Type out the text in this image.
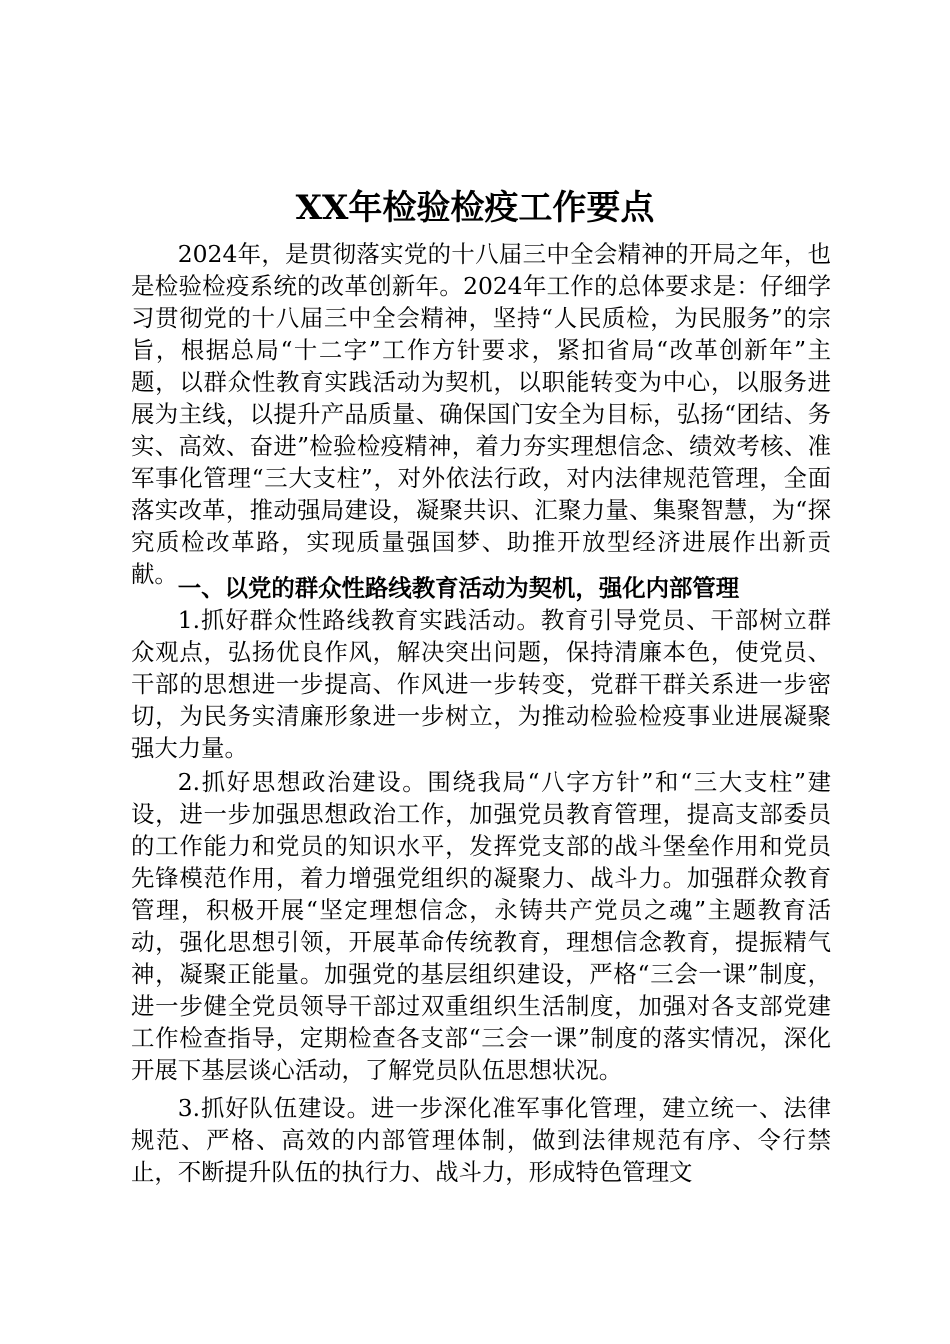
XX年检验检疫工作要点

2024年，是贯彻落实党的十八届三中全会精神的开局之年，也是检验检疫系统的改革创新年。2024年工作的总体要求是：仔细学习贯彻党的十八届三中全会精神，坚持“人民质检，为民服务”的宗旨，根据总局“十二字”工作方针要求，紧扣省局“改革创新年”主题，以群众性教育实践活动为契机，以职能转变为中心，以服务进展为主线，以提升产品质量、确保国门安全为目标，弘扬“团结、务实、高效、奋进”检验检疫精神，着力夯实理想信念、绩效考核、准军事化管理“三大支柱”，对外依法行政，对内法律规范管理，全面落实改革，推动强局建设，凝聚共识、汇聚力量、集聚智慧，为“探究质检改革路，实现质量强国梦、助推开放型经济进展作出新贡献。 一、以党的群众性路线教育活动为契机，强化内部管理

1.抓好群众性路线教育实践活动。教育引导党员、干部树立群众观点，弘扬优良作风，解决突出问题，保持清廉本色，使党员、干部的思想进一步提高、作风进一步转变，党群干群关系进一步密切，为民务实清廉形象进一步树立，为推动检验检疫事业进展凝聚强大力量。

2.抓好思想政治建设。围绕我局“八字方针”和“三大支柱”建设，进一步加强思想政治工作，加强党员教育管理，提高支部委员的工作能力和党员的知识水平，发挥党支部的战斗堡垒作用和党员先锋模范作用，着力增强党组织的凝聚力、战斗力。加强群众教育管理，积极开展“坚定理想信念，永铸共产党员之魂”主题教育活动，强化思想引领，开展革命传统教育，理想信念教育，提振精气神，凝聚正能量。加强党的基层组织建设，严格“三会一课”制度，进一步健全党员领导干部过双重组织生活制度，加强对各支部党建工作检查指导，定期检查各支部“三会一课”制度的落实情况，深化开展下基层谈心活动，了解党员队伍思想状况。

3.抓好队伍建设。进一步深化准军事化管理，建立统一、法律规范、严格、高效的内部管理体制，做到法律规范有序、令行禁止，不断提升队伍的执行力、战斗力，形成特色管理文
